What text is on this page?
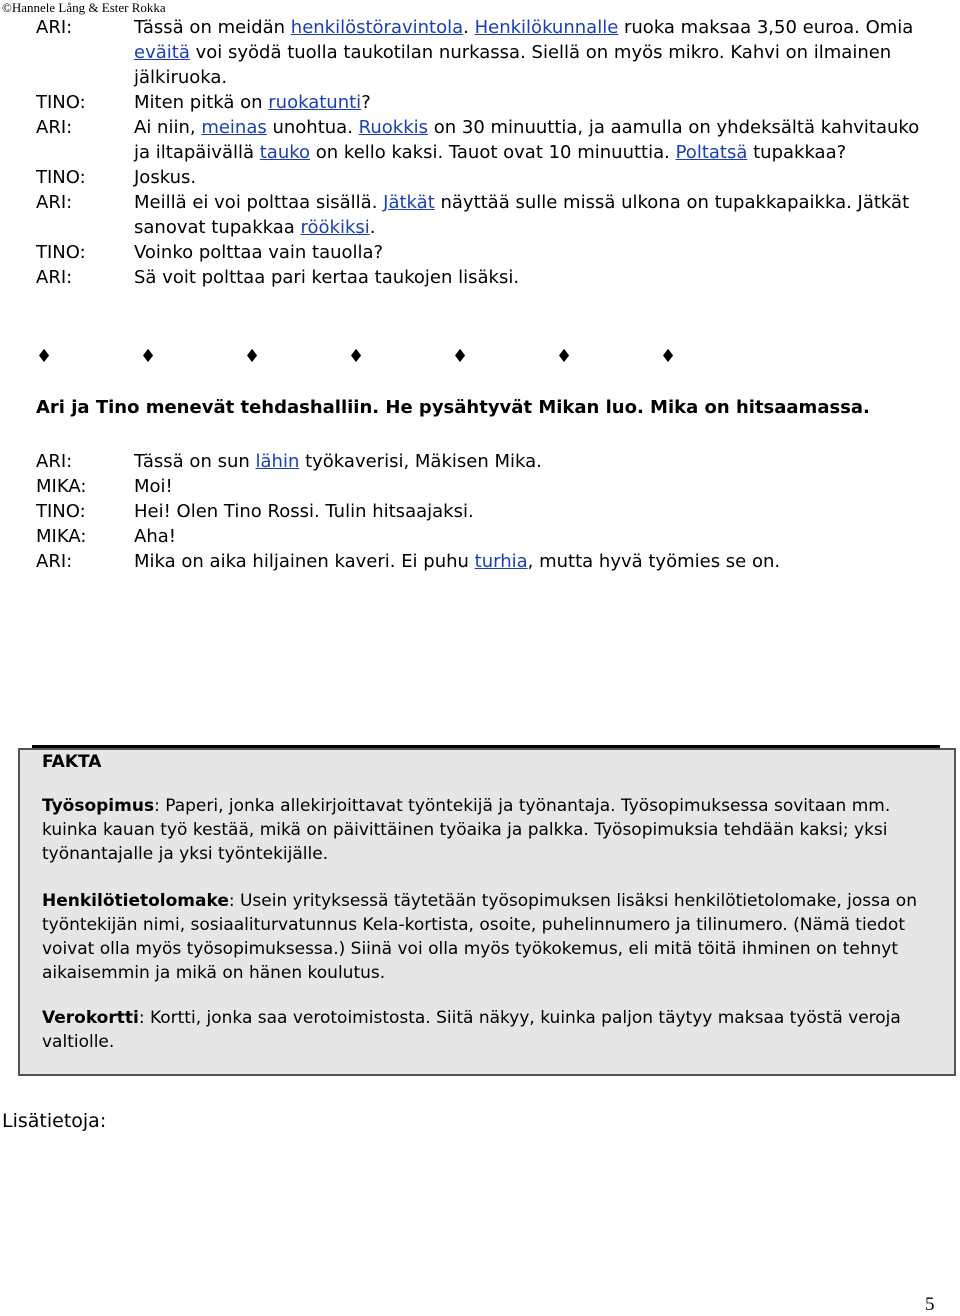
©Hannele Lång & Ester Rokka
ARI:	Tässä on meidän henkilöstöravintola. Henkilökunnalle ruoka maksaa 3,50 euroa. Omia eväitä voi syödä tuolla taukotilan nurkassa. Siellä on myös mikro. Kahvi on ilmainen jälkiruoka.
TINO:	Miten pitkä on ruokatunti?
ARI:	Ai niin, meinas unohtua. Ruokkis on 30 minuuttia, ja aamulla on yhdeksältä kahvitauko ja iltapäivällä tauko on kello kaksi. Tauot ovat 10 minuuttia. Poltatsä tupakkaa?
TINO:	Joskus.
ARI:	Meillä ei voi polttaa sisällä. Jätkät näyttää sulle missä ulkona on tupakkapaikka. Jätkät sanovat tupakkaa röökiksi.
TINO:	Voinko polttaa vain tauolla?
ARI:	Sä voit polttaa pari kertaa taukojen lisäksi.
♦	♦	♦	♦	♦	♦	♦
Ari ja Tino menevät tehdashalliin. He pysähtyvät Mikan luo. Mika on hitsaamassa.
ARI:	Tässä on sun lähin työkaverisi, Mäkisen Mika.
MIKA:	Moi!
TINO:	Hei! Olen Tino Rossi. Tulin hitsaajaksi.
MIKA:	Aha!
ARI:	Mika on aika hiljainen kaveri. Ei puhu turhia, mutta hyvä työmies se on.
FAKTA
Työsopimus: Paperi, jonka allekirjoittavat työntekijä ja työnantaja. Työsopimuksessa sovitaan mm. kuinka kauan työ kestää, mikä on päivittäinen työaika ja palkka. Työsopimuksia tehdään kaksi; yksi työnantajalle ja yksi työntekijälle.
Henkilötietolomake: Usein yrityksessä täytetään työsopimuksen lisäksi henkilötietolomake, jossa on työntekijän nimi, sosiaaliturvatunnus Kela-kortista, osoite, puhelinnumero ja tilinumero. (Nämä tiedot voivat olla myös työsopimuksessa.) Siinä voi olla myös työkokemus, eli mitä töitä ihminen on tehnyt aikaisemmin ja mikä on hänen koulutus.
Verokortti: Kortti, jonka saa verotoimistosta. Siitä näkyy, kuinka paljon täytyy maksaa työstä veroja valtiolle.
Lisätietoja:
5
